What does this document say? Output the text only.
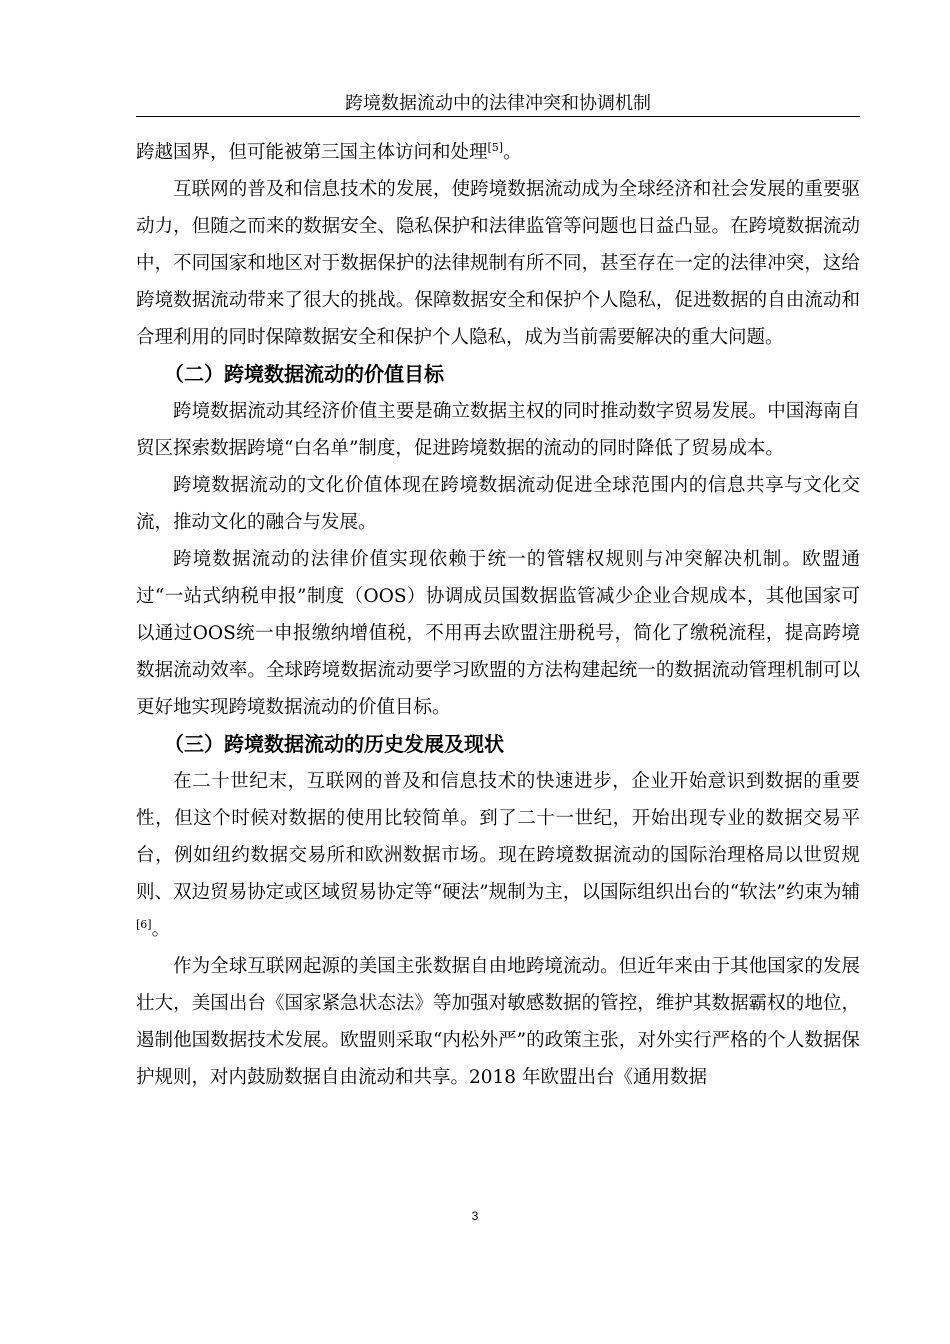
跨境数据流动中的法律冲突和协调机制

跨越国界，但可能被第三国主体访问和处理[5]。

互联网的普及和信息技术的发展，使跨境数据流动成为全球经济和社会发展的重要驱动力，但随之而来的数据安全、隐私保护和法律监管等问题也日益凸显。在跨境数据流动中，不同国家和地区对于数据保护的法律规制有所不同，甚至存在一定的法律冲突，这给跨境数据流动带来了很大的挑战。保障数据安全和保护个人隐私，促进数据的自由流动和合理利用的同时保障数据安全和保护个人隐私，成为当前需要解决的重大问题。

（二）跨境数据流动的价值目标

跨境数据流动其经济价值主要是确立数据主权的同时推动数字贸易发展。中国海南自贸区探索数据跨境“白名单”制度，促进跨境数据的流动的同时降低了贸易成本。

跨境数据流动的文化价值体现在跨境数据流动促进全球范围内的信息共享与文化交流，推动文化的融合与发展。

跨境数据流动的法律价值实现依赖于统一的管辖权规则与冲突解决机制。欧盟通过“一站式纳税申报”制度（OOS）协调成员国数据监管减少企业合规成本，其他国家可以通过OOS统一申报缴纳增值税，不用再去欧盟注册税号，简化了缴税流程，提高跨境数据流动效率。全球跨境数据流动要学习欧盟的方法构建起统一的数据流动管理机制可以更好地实现跨境数据流动的价值目标。

（三）跨境数据流动的历史发展及现状

在二十世纪末，互联网的普及和信息技术的快速进步，企业开始意识到数据的重要性，但这个时候对数据的使用比较简单。到了二十一世纪，开始出现专业的数据交易平台，例如纽约数据交易所和欧洲数据市场。现在跨境数据流动的国际治理格局以世贸规则、双边贸易协定或区域贸易协定等“硬法”规制为主，以国际组织出台的“软法”约束为辅[6]。

作为全球互联网起源的美国主张数据自由地跨境流动。但近年来由于其他国家的发展壮大，美国出台《国家紧急状态法》等加强对敏感数据的管控，维护其数据霸权的地位，遏制他国数据技术发展。欧盟则采取“内松外严”的政策主张，对外实行严格的个人数据保护规则，对内鼓励数据自由流动和共享。2018 年欧盟出台《通用数据

3
